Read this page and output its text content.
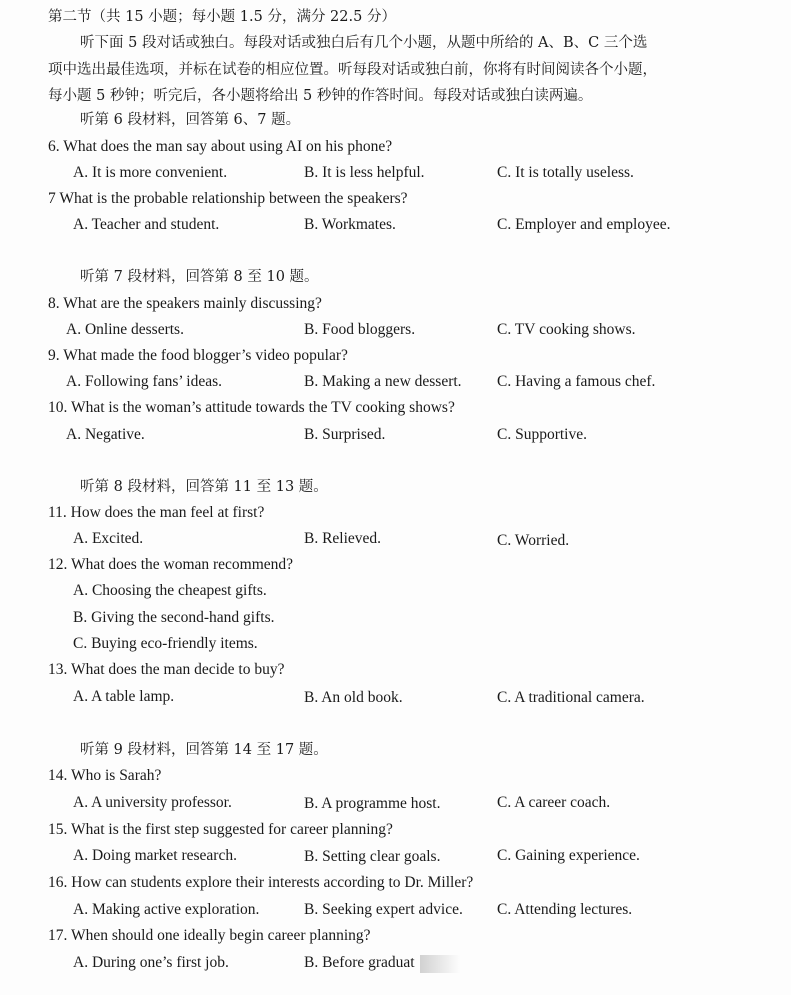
第二节（共 15 小题；每小题 1.5 分，满分 22.5 分）
听下面 5 段对话或独白。每段对话或独白后有几个小题，从题中所给的 A、B、C 三个选
项中选出最佳选项，并标在试卷的相应位置。听每段对话或独白前，你将有时间阅读各个小题，
每小题 5 秒钟；听完后，各小题将给出 5 秒钟的作答时间。每段对话或独白读两遍。
听第 6 段材料，回答第 6、7 题。
6. What does the man say about using AI on his phone?
A. It is more convenient.	B. It is less helpful.	C. It is totally useless.
7 What is the probable relationship between the speakers?
A. Teacher and student.	B. Workmates.	C. Employer and employee.
听第 7 段材料，回答第 8 至 10 题。
8. What are the speakers mainly discussing?
A. Online desserts.	B. Food bloggers.	C. TV cooking shows.
9. What made the food blogger’s video popular?
A. Following fans’ ideas.	B. Making a new dessert. C. Having a famous chef.
10. What is the woman’s attitude towards the TV cooking shows?
A. Negative.	B. Surprised.	C. Supportive.
听第 8 段材料，回答第 11 至 13 题。
11. How does the man feel at first?
A. Excited.	B. Relieved.	C. Worried.
12. What does the woman recommend?
A. Choosing the cheapest gifts.
B. Giving the second-hand gifts.
C. Buying eco-friendly items.
13. What does the man decide to buy?
A. A table lamp.	B. An old book.	C. A traditional camera.
听第 9 段材料，回答第 14 至 17 题。
14. Who is Sarah?
A. A university professor.	B. A programme host.	C. A career coach.
15. What is the first step suggested for career planning?
A. Doing market research.	B. Setting clear goals.	C. Gaining experience.
16. How can students explore their interests according to Dr. Miller?
A. Making active exploration.	B. Seeking expert advice. C. Attending lectures.
17. When should one ideally begin career planning?
A. During one’s first job.	B. Before graduat
